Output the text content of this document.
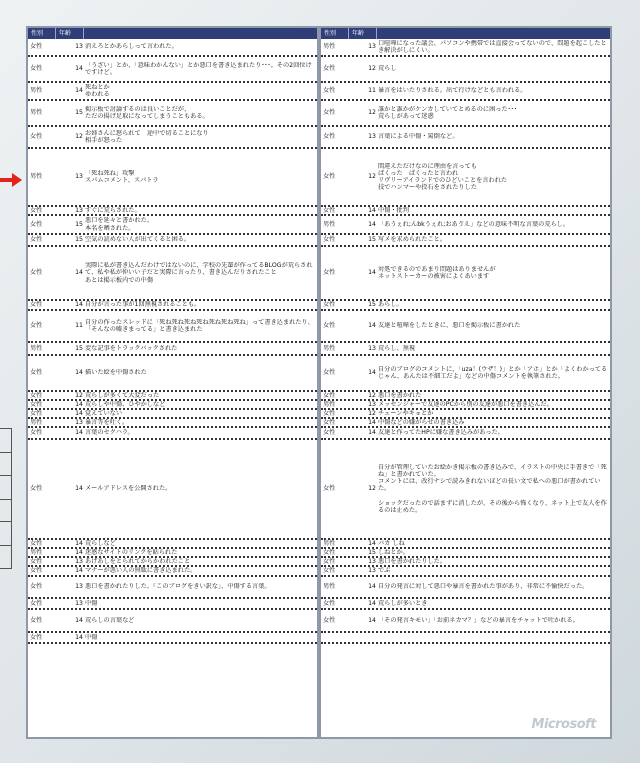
性別	年齢
女性	13 消えろとかあらしって言われた。
女性	14
「うざい」とか、「意味わかんない」とか悪口を書き込まれたり･･･。その2回位けですけど。
男性	14
死ねとか
ゆわれる
男性	15
掲示板で討論するのは良いことだが、
ただの揚げ足取になってしまうこともある。
女性	12
お姉さんに怒られて　途中で切ることになり
相手が怒った
男性	13
「死ね死ね」攻撃
スパムコメント、スパトラ
女性	13 すぐに荒らされた。
女性	15
悪口を延々と書かれた。
本名を晒された。
女性	15 空気の読めない人が出てくると困る。
女性	14
実際に私が書き込んだわけではないのに、学校の先輩が作ってるBLOGが荒らされて、私や私が仲いい子だと実際に言ったり、書き込んだりされたこと
あとは掲示板内での中傷
女性	14 自分が言った事が1回無視されることも。
女性	11
自分の作ったスレッドに「死ね死ね死ね死ね死ね死ね死ね」って書き込まれたり、「そんなの嘘きまってる」と書き込まれた
男性	15 変な記事をトラックバックされた
女性	14 描いた絵を中傷された
女性	12 荒らしが多くて大変だった
女性	14 荒らしや中傷、ひやかしなど
女性	14 覚えていない
男性	13 暴言等を吐く。
女性	14 言葉のセクハラ。
女性	14 メールアドレスを公開された。
女性	14 荒らしなど
男性	14 迷惑なサイトのリンクを貼られた
女性	13 あげあしをとられてからかわれたこと
女性	14 マナーが悪い人の無駄に書き込まれた。
女性	13 悪口を書かれたりした。『このブログをきい訳な」、中傷する言葉。
女性	13 中傷
女性	14 荒らしの言葉など
女性	14 中傷
性別	年齢
男性	13
口喧嘩になった議会、パソコンや携帯では直接会ってないので、問題を起こしたとき解決がしにくい。
女性	12 荒らし
女性	11 暴言をはいたりされる。出て行けなどとも言われる。
女性	12
誰かと誰かがケンカしていてとめるのに困った･･･
荒らしがあって迷惑
女性	13 言葉による中傷・罵倒など。
女性	12
間違えただけなのに理由を言っても
ばくった　ぱくったと言われ
リヴリーアイランドでのひどいことを言われた
技でハンマーや投石をされたりした
女性	14 中傷・批判
男性	14 「あうぇれ;んbkうぇれ;おあゔえ」などの意味不明な言葉の荒らし。
女性	15 写メを求められたこと。
女性	14
対処できるのであまり問題はありませんが
ネットストーカーの被害によくあいます
女性	15 あらし。
女性	14 友達と喧嘩をしたときに、悪口を掲示板に書かれた
男性	13 荒らし、無視
女性	14
自分のブログのコメントに、「uza！(ウザ！)」とか「アホ」とか「よくわかってるじゃん、あんたは不細工だよ」などの中傷コメントを執筆された。
女性	12 悪口を書かれた
男性	13 メッセンジャーで友達のPCから別の友達が悪口を書き込んだ。
女性	12 チェーンやキョとか
女性	14 中傷などの嫌がらせの書き込み
女性	14 友達と作ってたHPに嫌な書き込みがあった。
女性	12
自分が管理していたお絵かき掲示板の書き込みで、イラストの中央に手書きで「死ね」と書かれていた。
コメントには、改行ナシで読みきれないほどの長い文で私への悪口が書かれていた。

ショックだったので話まずに消したが、その後から怖くなり、ネット上で友人を作るのは止めた。
男性	14 バカ しね
女性	15 しねとか。
女性	13 悪口を書かれたりした。
女性	13 でぶ
男性	14 自分の発言に対して悪口や暴言を書かれた事があり、非常に不愉快だった。
女性	14 荒らしが多いとき
女性	14 「その発言キモい」「お前ネカマ？」などの暴言をチャットで吐かれる。
Microsoft
